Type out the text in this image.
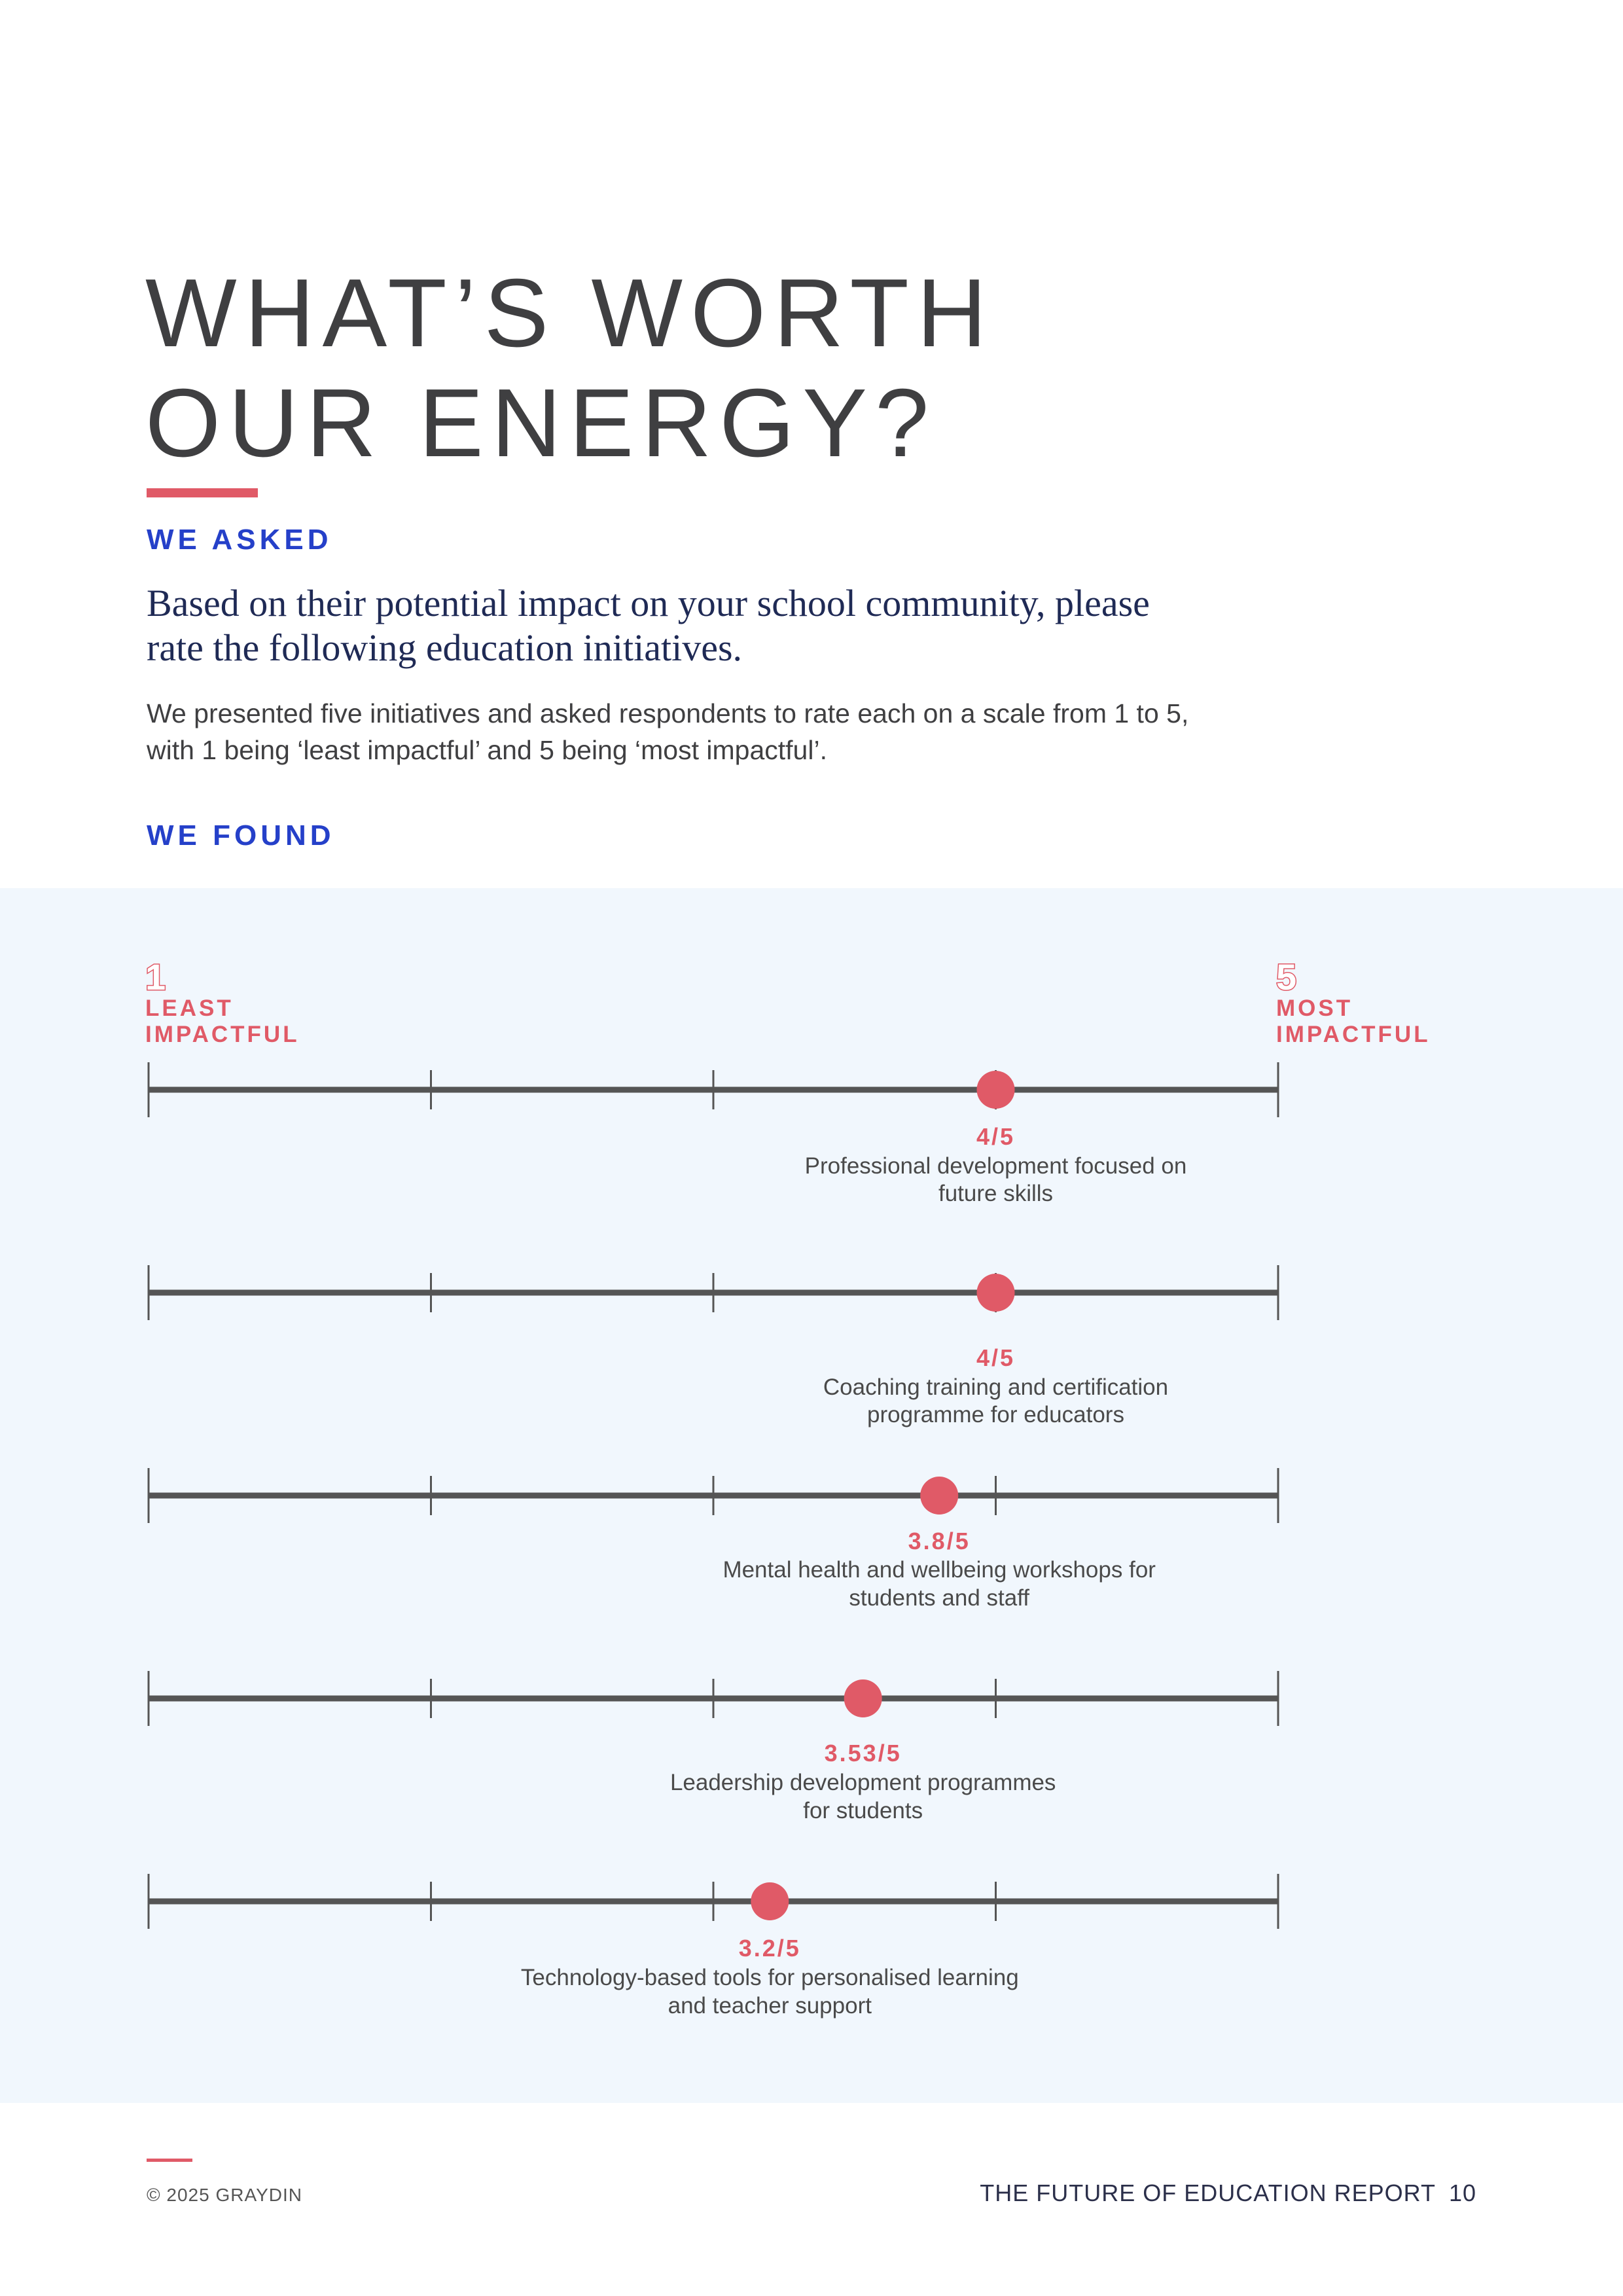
WHAT’S WORTH
OUR ENERGY?
WE ASKED

Based on their potential impact on your school community, please
rate the following education initiatives.

We presented five initiatives and asked respondents to rate each on a scale from 1 to 5,
with 1 being ‘least impactful’ and 5 being ‘most impactful’.

WE FOUND
1
LEAST
IMPACTFUL
5
MOST
IMPACTFUL
4/5
Professional development focused on
future skills
4/5
Coaching training and certification
programme for educators
3.8/5
Mental health and wellbeing workshops for
students and staff
3.53/5
Leadership development programmes
for students
3.2/5
Technology-based tools for personalised learning
and teacher support
© 2025 GRAYDIN	THE FUTURE OF EDUCATION REPORT 10
